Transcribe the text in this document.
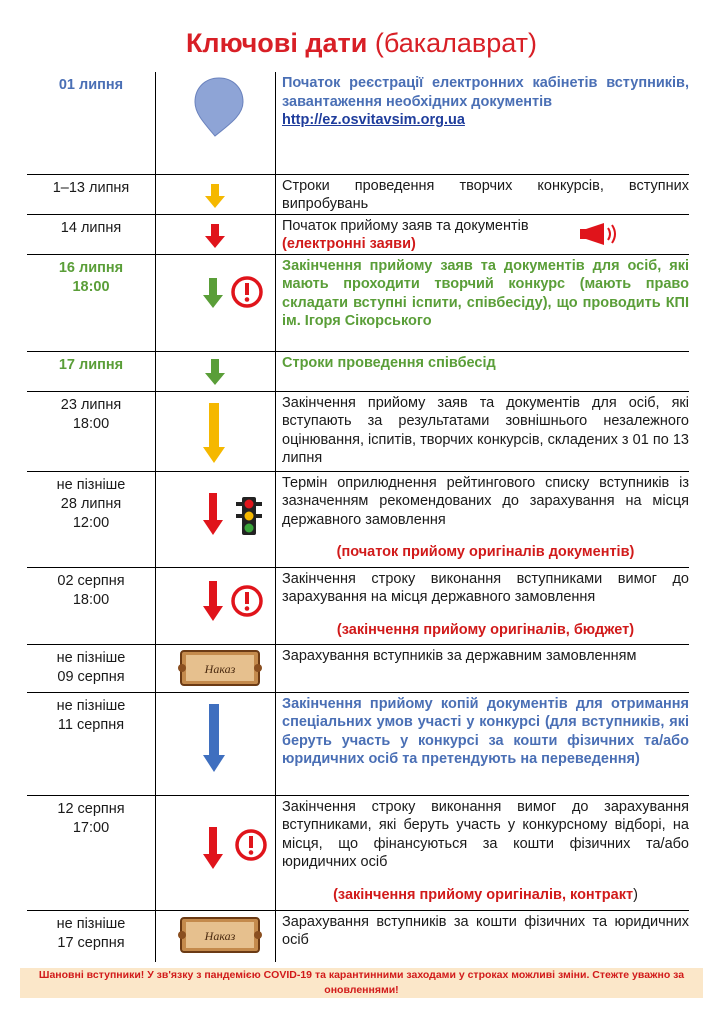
Ключові дати (бакалаврат)
01 липня		Початок реєстрації електронних кабінетів вступників, завантаження необхідних документів
http://ez.osvitavsim.org.ua
1–13 липня		Строки проведення творчих конкурсів, вступних випробувань
14 липня		Початок прийому заяв та документів
(електронні заяви)

16 липня
18:00		Закінчення прийому заяв та документів для осіб, які мають проходити творчий конкурс (мають право складати вступні іспити, співбесіду), що проводить КПІ ім. Ігоря Сікорського
17 липня		Строки проведення співбесід
23 липня
18:00		Закінчення прийому заяв та документів для осіб, які вступають за результатами зовнішнього незалежного оцінювання, іспитів, творчих конкурсів, складених з 01 по 13 липня
не пізніше
28 липня
12:00		Термін оприлюднення рейтингового списку вступників із зазначенням рекомендованих до зарахування на місця державного замовлення
(початок прийому оригіналів документів)

02 серпня
18:00		Закінчення строку виконання вступниками вимог до зарахування на місця державного замовлення
(закінчення прийому оригіналів, бюджет)

не пізніше
09 серпня	Наказ	Зарахування вступників за державним замовленням
не пізніше
11 серпня		Закінчення прийому копій документів для отримання спеціальних умов участі у конкурсі (для вступників, які беруть участь у конкурсі за кошти фізичних та/або юридичних осіб та претендують на переведення)
12 серпня
17:00		Закінчення строку виконання вимог до зарахування вступниками, які беруть участь у конкурсному відборі, на місця, що фінансуються за кошти фізичних та/або юридичних осіб
(закінчення прийому оригіналів, контракт)

не пізніше
17 серпня	Наказ	Зарахування вступників за кошти фізичних та юридичних осіб
Шановні вступники! У зв'язку з пандемією COVID-19 та карантинними заходами у строках можливі зміни. Стежте уважно за оновленнями!
